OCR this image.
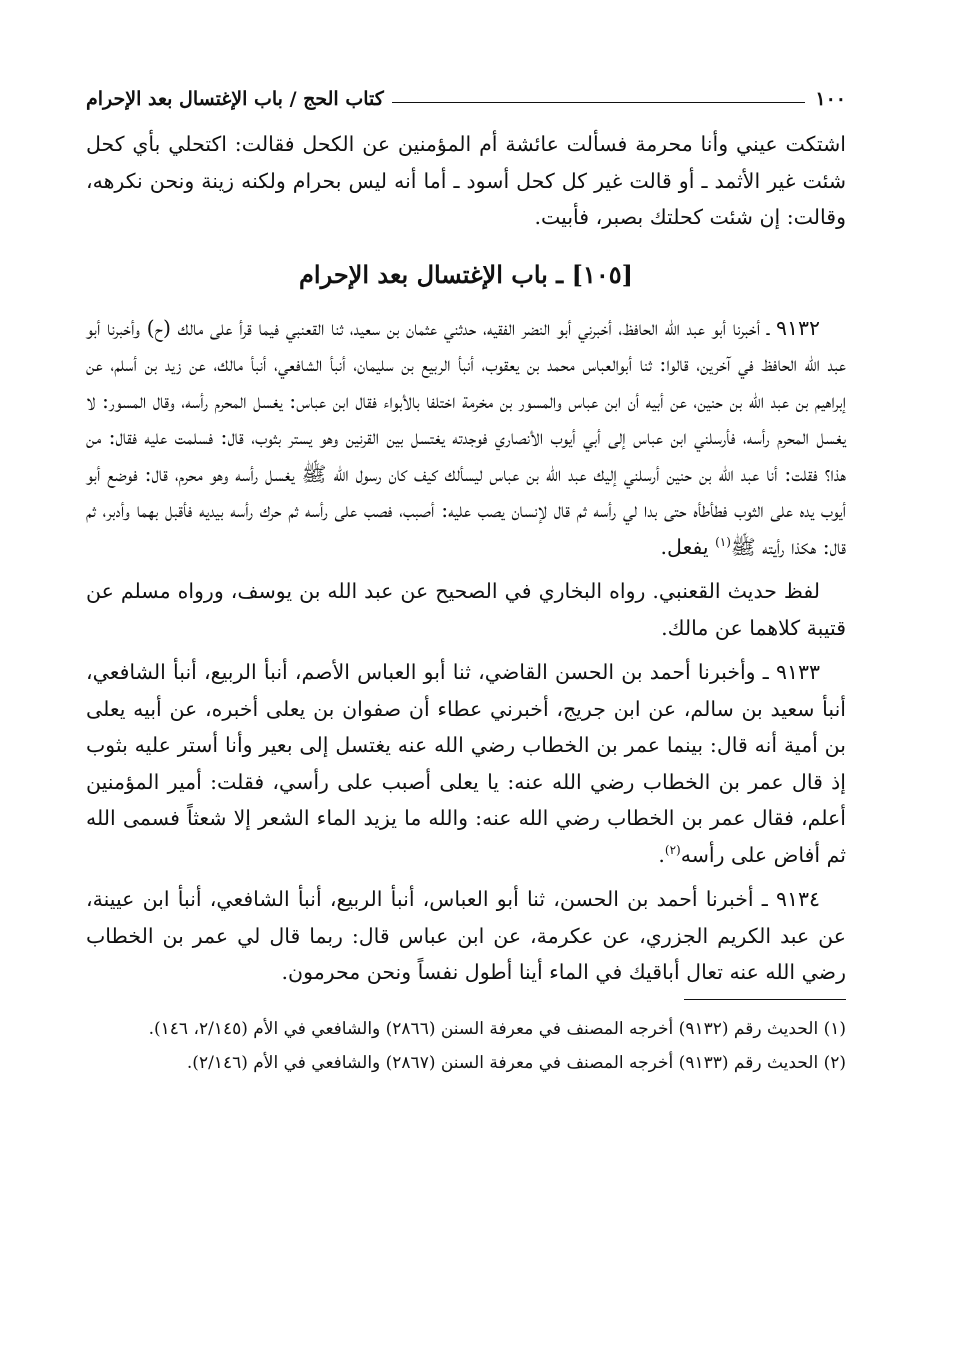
١٠٠
كتاب الحج / باب الإغتسال بعد الإحرام

اشتكت عيني وأنا محرمة فسألت عائشة أم المؤمنين عن الكحل فقالت: اكتحلي بأي كحل شئت غير الأثمد ـ أو قالت غير كل كحل أسود ـ أما أنه ليس بحرام ولكنه زينة ونحن نكرهه، وقالت: إن شئت كحلتك بصبر، فأبيت.

[١٠٥] ـ باب الإغتسال بعد الإحرام

٩١٣٢ ـ أخبرنا أبو عبد الله الحافظ، أخبرني أبو النضر الفقيه، حدثني عثمان بن سعيد، ثنا القعنبي فيما قرأ على مالك (ح) وأخبرنا أبو عبد الله الحافظ في آخرين، قالوا: ثنا أبوالعباس محمد بن يعقوب، أنبأ الربيع بن سليمان، أنبأ الشافعي، أنبأ مالك، عن زيد بن أسلم، عن إبراهيم بن عبد الله بن حنين، عن أبيه أن ابن عباس والمسور بن مخرمة اختلفا بالأبواء فقال ابن عباس: يغسل المحرم رأسه، وقال المسور: لا يغسل المحرم رأسه، فأرسلني ابن عباس إلى أبي أيوب الأنصاري فوجدته يغتسل بين القرنين وهو يستر بثوب، قال: فسلمت عليه فقال: من هذا؟ فقلت: أنا عبد الله بن حنين أرسلني إليك عبد الله بن عباس ليسألك كيف كان رسول الله ﷺ يغسل رأسه وهو محرم، قال: فوضع أبو أيوب يده على الثوب فطأطأه حتى بدا لي رأسه ثم قال لإنسان يصب عليه: أصبب، فصب على رأسه ثم حرك رأسه بيديه فأقبل بهما وأدبر، ثم قال: هكذا رأيته ﷺ$^{(١)}$ يفعل.

لفظ حديث القعنبي. رواه البخاري في الصحيح عن عبد الله بن يوسف، ورواه مسلم عن قتيبة كلاهما عن مالك.

٩١٣٣ ـ وأخبرنا أحمد بن الحسن القاضي، ثنا أبو العباس الأصم، أنبأ الربيع، أنبأ الشافعي، أنبأ سعيد بن سالم، عن ابن جريج، أخبرني عطاء أن صفوان بن يعلى أخبره، عن أبيه يعلى بن أمية أنه قال: بينما عمر بن الخطاب رضي الله عنه يغتسل إلى بعير وأنا أستر عليه بثوب إذ قال عمر بن الخطاب رضي الله عنه: يا يعلى أصبب على رأسي، فقلت: أمير المؤمنين أعلم، فقال عمر بن الخطاب رضي الله عنه: والله ما يزيد الماء الشعر إلا شعثاً فسمى الله ثم أفاض على رأسه$^{(٢)}$.

٩١٣٤ ـ أخبرنا أحمد بن الحسن، ثنا أبو العباس، أنبأ الربيع، أنبأ الشافعي، أنبأ ابن عيينة، عن عبد الكريم الجزري، عن عكرمة، عن ابن عباس قال: ربما قال لي عمر بن الخطاب رضي الله عنه تعال أباقيك في الماء أينا أطول نفساً ونحن محرمون.

(١) الحديث رقم (٩١٣٢) أخرجه المصنف في معرفة السنن (٢٨٦٦) والشافعي في الأم (٢/١٤٥، ١٤٦).

(٢) الحديث رقم (٩١٣٣) أخرجه المصنف في معرفة السنن (٢٨٦٧) والشافعي في الأم (٢/١٤٦).
